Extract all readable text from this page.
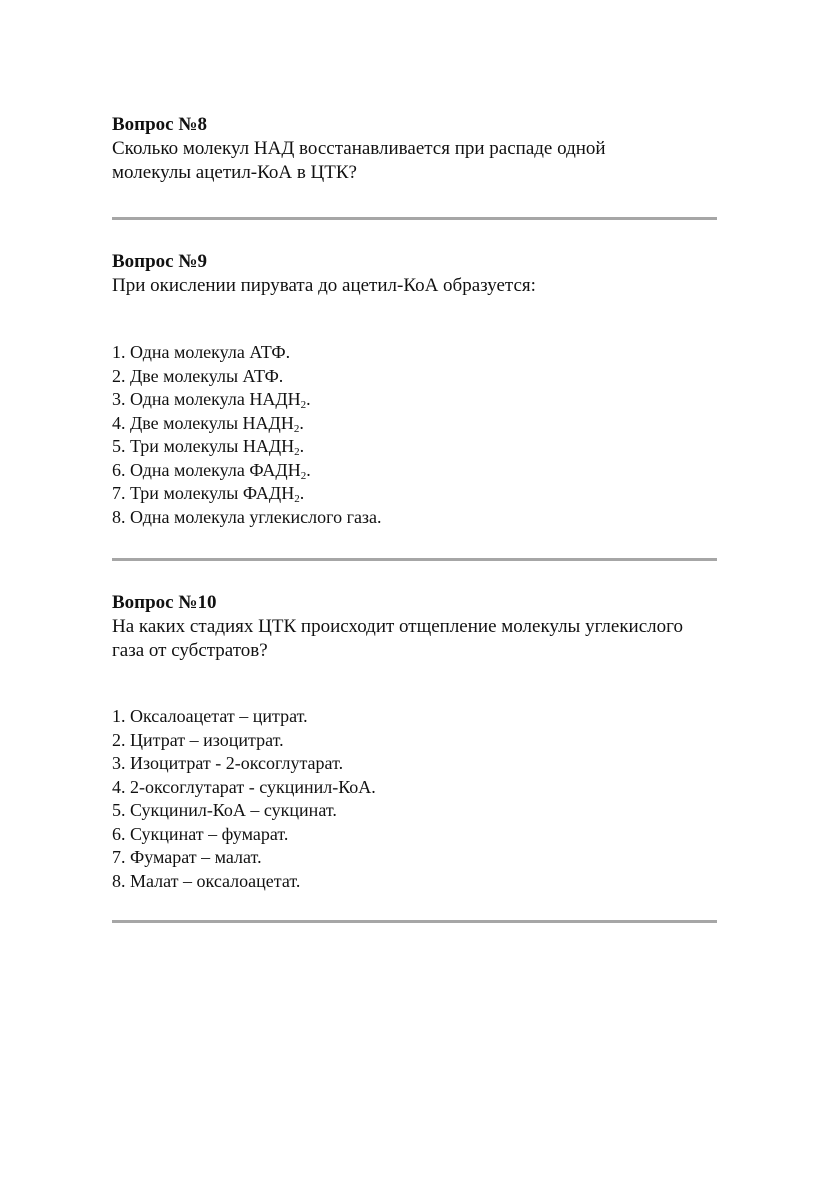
Вопрос №8

Сколько молекул НАД восстанавливается при распаде одной

молекулы ацетил-КоА в ЦТК?

Вопрос №9

При окислении пирувата до ацетил-КоА образуется:

1. Одна молекула АТФ.
2. Две молекулы АТФ.
3. Одна молекула $НАДН_2$.
4. Две молекулы $НАДН_2$.
5. Три молекулы $НАДН_2$.
6. Одна молекула $ФАДН_2$.
7. Три молекулы $ФАДН_2$.
8. Одна молекула углекислого газа.

Вопрос №10

На каких стадиях ЦТК происходит отщепление молекулы углекислого

газа от субстратов?

1. Оксалоацетат – цитрат.
2. Цитрат – изоцитрат.
3. Изоцитрат - 2-оксоглутарат.
4. 2-оксоглутарат - сукцинил-КоА.
5. Сукцинил-КоА – сукцинат.
6. Сукцинат – фумарат.
7. Фумарат – малат.
8. Малат – оксалоацетат.
